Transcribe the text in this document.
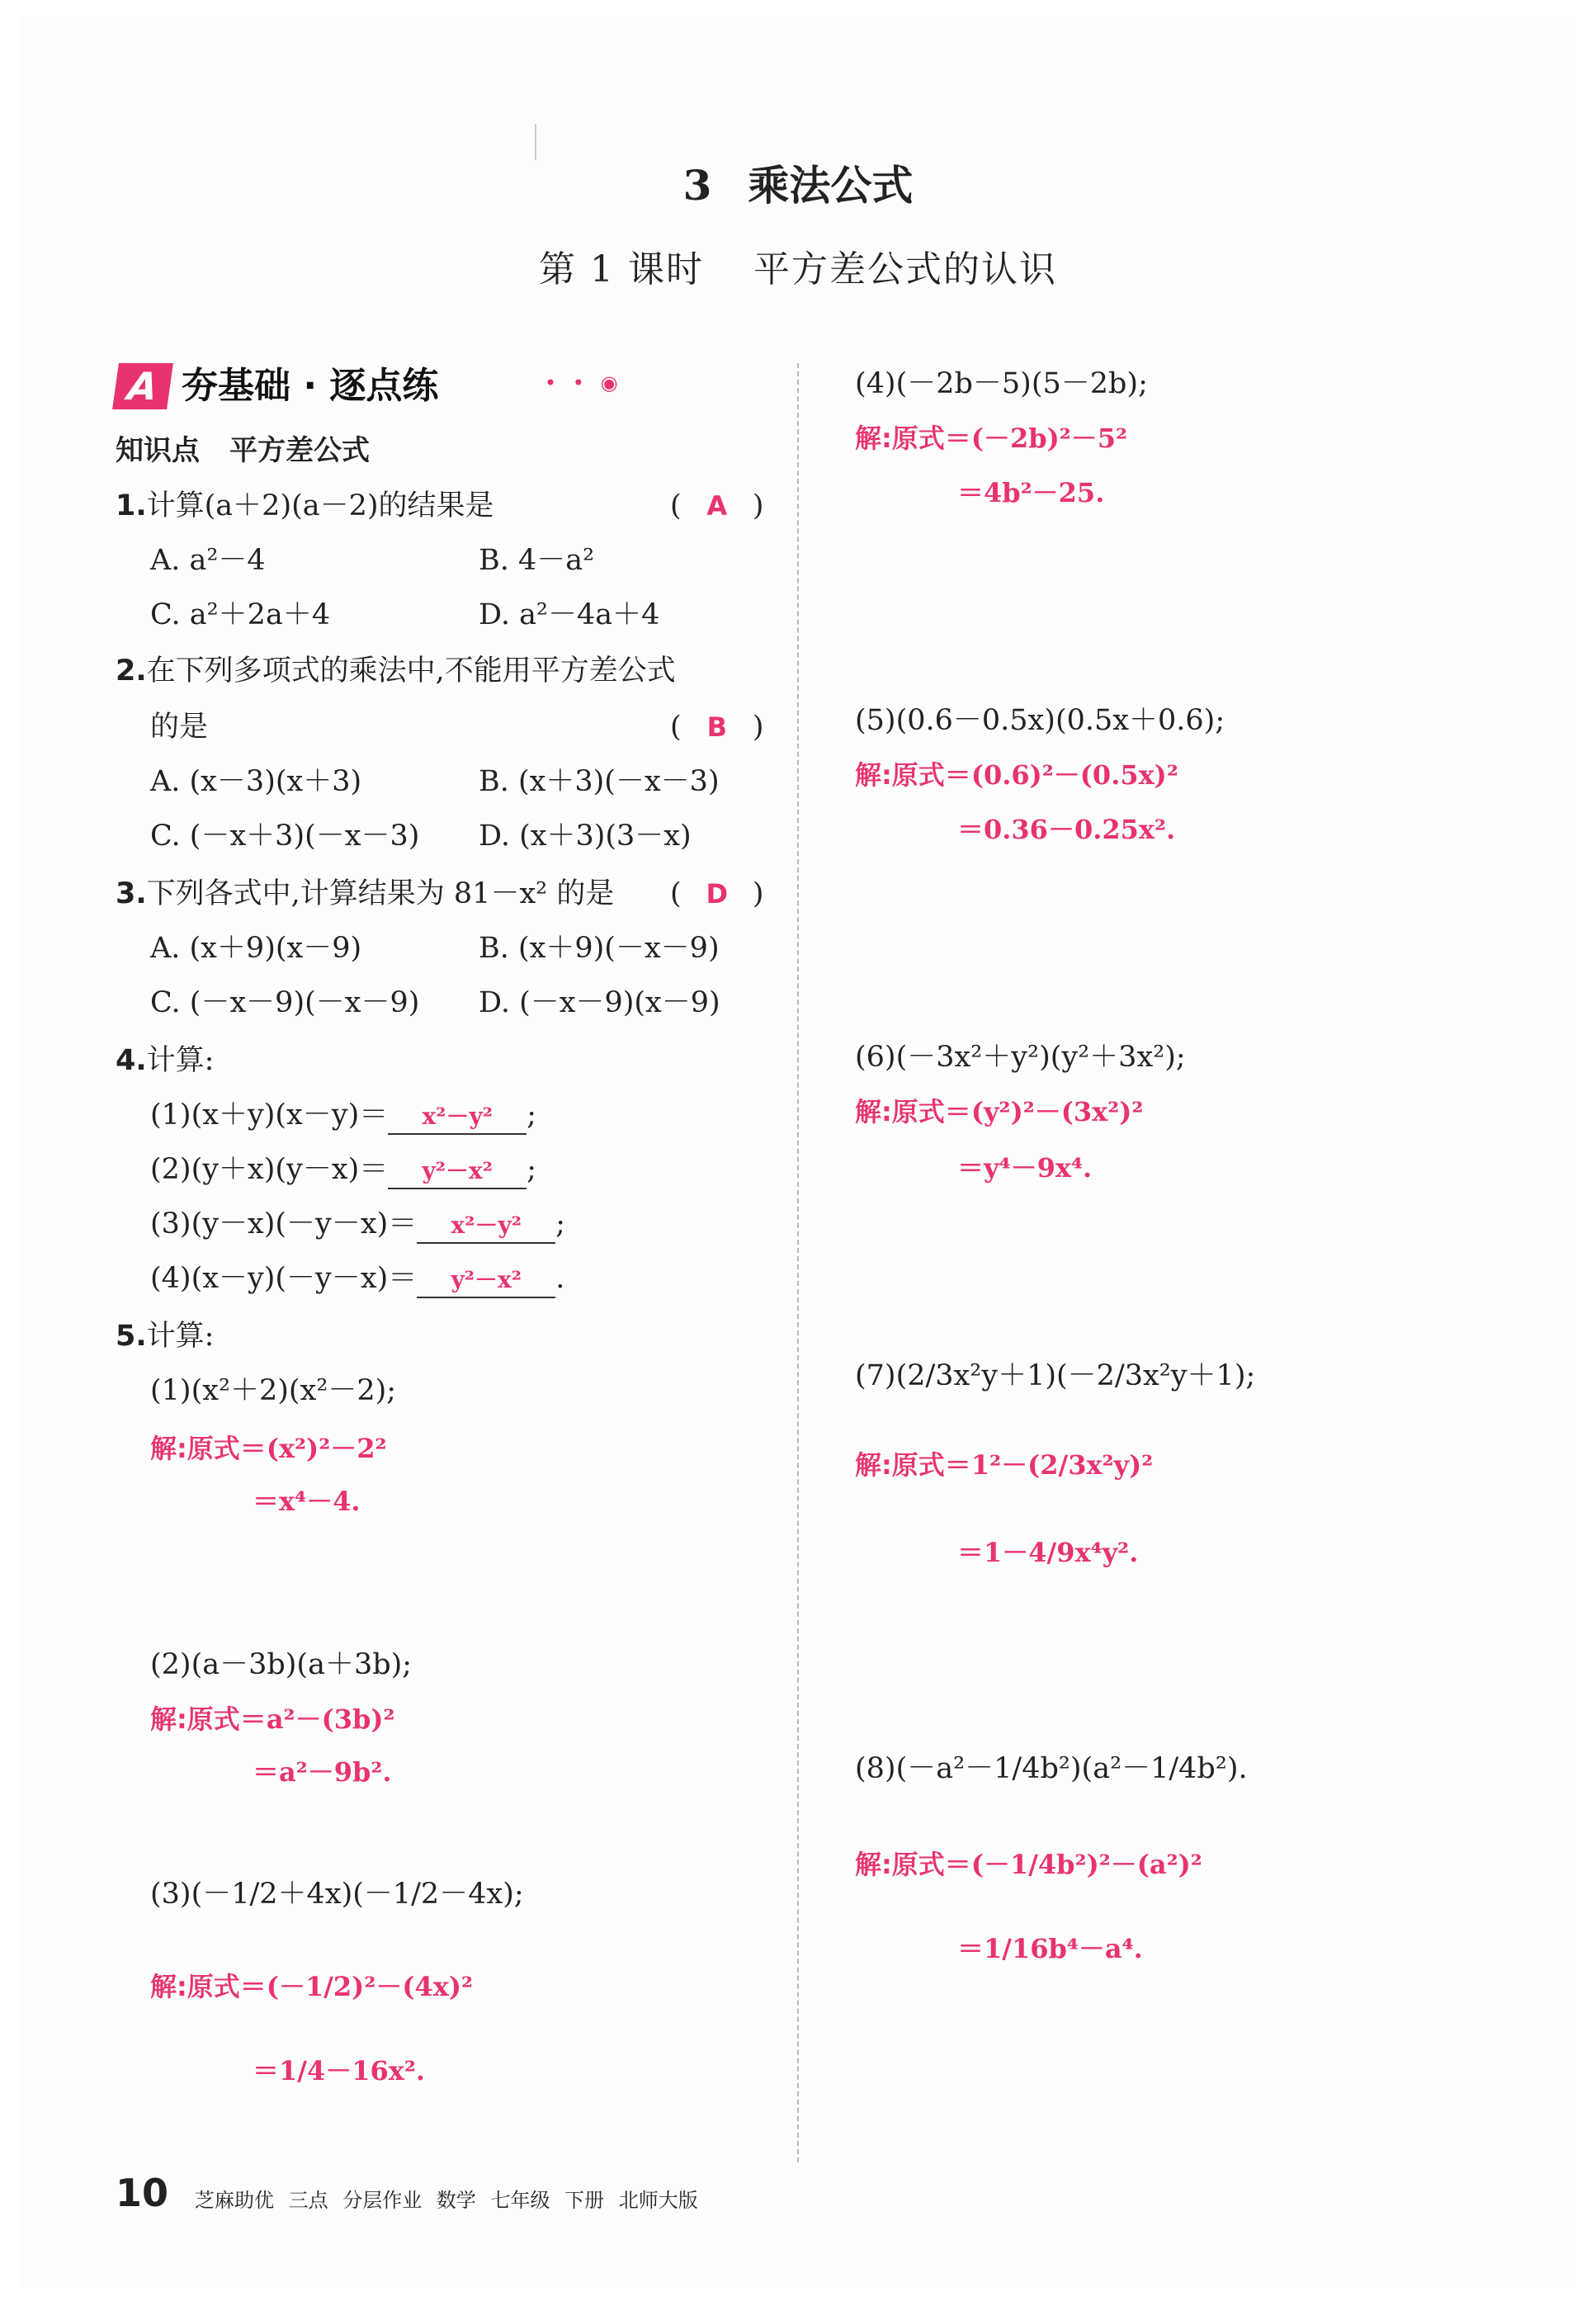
3 乘法公式
第 1 课时 平方差公式的认识
A 夯基础 · 逐点练	• • ◉
知识点 平方差公式
1.计算(a＋2)(a－2)的结果是	( A )
A. a²－4	B. 4－a²
C. a²＋2a＋4	D. a²－4a＋4
2.在下列多项式的乘法中,不能用平方差公式
的是	( B )
A. (x－3)(x＋3)	B. (x＋3)(－x－3)
C. (－x＋3)(－x－3) D. (x＋3)(3－x)
3.下列各式中,计算结果为 81－x² 的是 ( D )
A. (x＋9)(x－9)	B. (x＋9)(－x－9)
C. (－x－9)(－x－9) D. (－x－9)(x－9)
4.计算:
(1)(x＋y)(x－y)＝ x²－y² ;
(2)(y＋x)(y－x)＝ y²－x² ;
(3)(y－x)(－y－x)＝ x²－y² ;
(4)(x－y)(－y－x)＝ y²－x² .
5.计算:
(1)(x²＋2)(x²－2);
解:原式＝(x²)²－2²
＝x⁴－4.
(2)(a－3b)(a＋3b);
解:原式＝a²－(3b)²
＝a²－9b².
(3)(－1/2＋4x)(－1/2－4x);
解:原式＝(－1/2)²－(4x)²
＝1/4－16x².
(4)(－2b－5)(5－2b);
解:原式＝(－2b)²－5²
＝4b²－25.
(5)(0.6－0.5x)(0.5x＋0.6);
解:原式＝(0.6)²－(0.5x)²
＝0.36－0.25x².
(6)(－3x²＋y²)(y²＋3x²);
解:原式＝(y²)²－(3x²)²
＝y⁴－9x⁴.
(7)(2/3x²y＋1)(－2/3x²y＋1);
解:原式＝1²－(2/3x²y)²
＝1－4/9x⁴y².
(8)(－a²－1/4b²)(a²－1/4b²).
解:原式＝(－1/4b²)²－(a²)²
＝1/16b⁴－a⁴.
10 芝麻助优 三点 分层作业 数学 七年级 下册 北师大版
